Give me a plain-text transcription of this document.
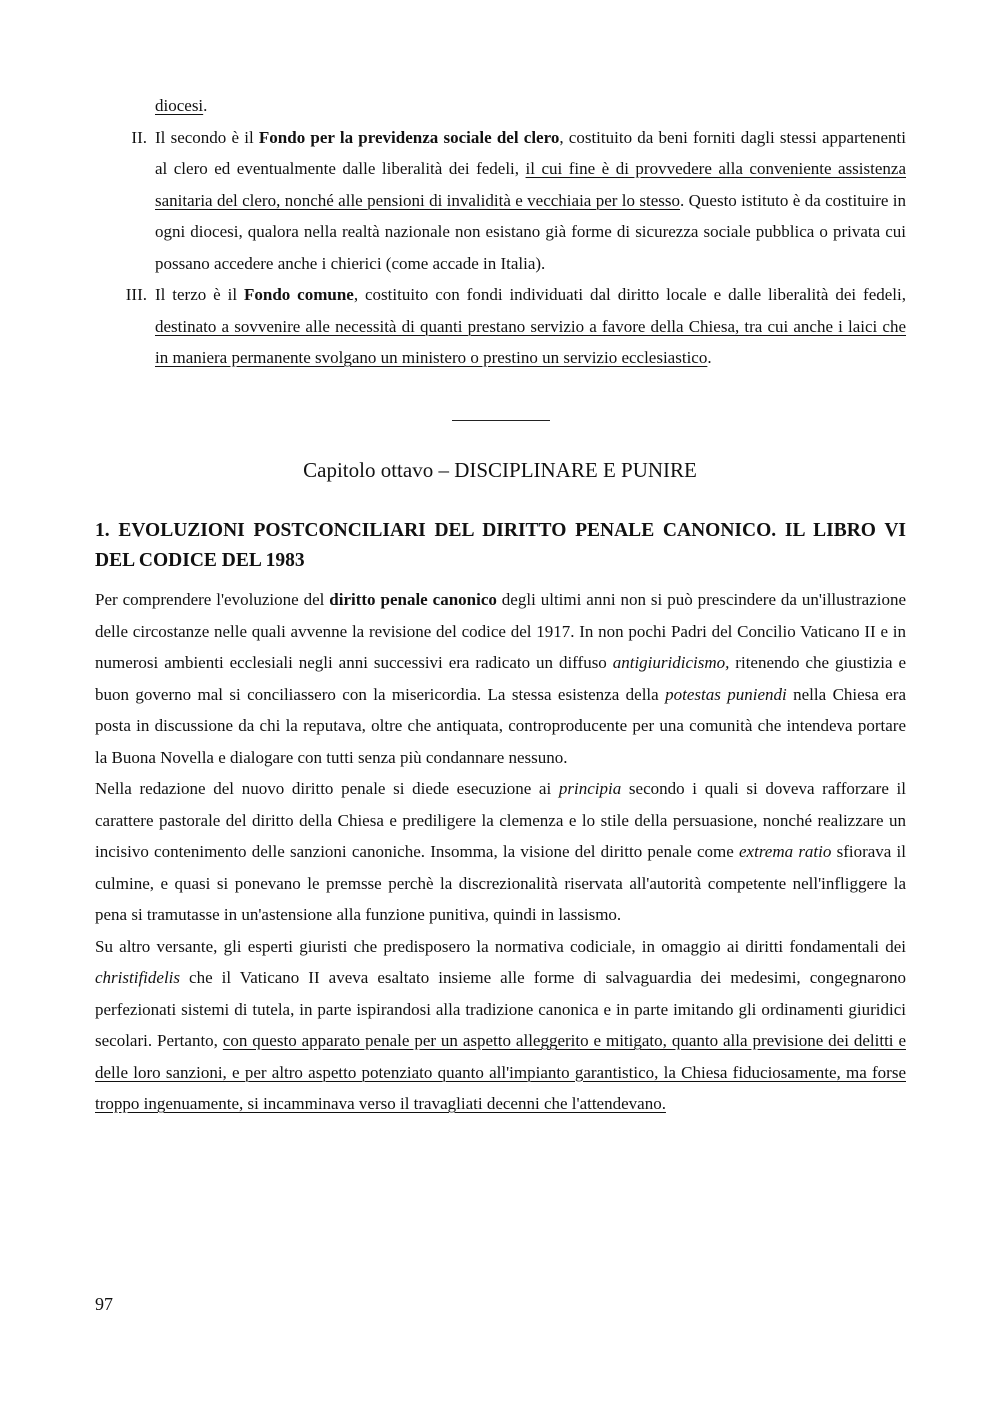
diocesi.
II. Il secondo è il Fondo per la previdenza sociale del clero, costituito da beni forniti dagli stessi appartenenti al clero ed eventualmente dalle liberalità dei fedeli, il cui fine è di provvedere alla conveniente assistenza sanitaria del clero, nonché alle pensioni di invalidità e vecchiaia per lo stesso. Questo istituto è da costituire in ogni diocesi, qualora nella realtà nazionale non esistano già forme di sicurezza sociale pubblica o privata cui possano accedere anche i chierici (come accade in Italia).
III. Il terzo è il Fondo comune, costituito con fondi individuati dal diritto locale e dalle liberalità dei fedeli, destinato a sovvenire alle necessità di quanti prestano servizio a favore della Chiesa, tra cui anche i laici che in maniera permanente svolgano un ministero o prestino un servizio ecclesiastico.
Capitolo ottavo – DISCIPLINARE E PUNIRE
1. EVOLUZIONI POSTCONCILIARI DEL DIRITTO PENALE CANONICO. IL LIBRO VI DEL CODICE DEL 1983

Per comprendere l'evoluzione del diritto penale canonico degli ultimi anni non si può prescindere da un'illustrazione delle circostanze nelle quali avvenne la revisione del codice del 1917. In non pochi Padri del Concilio Vaticano II e in numerosi ambienti ecclesiali negli anni successivi era radicato un diffuso antigiuridicismo, ritenendo che giustizia e buon governo mal si conciliassero con la misericordia. La stessa esistenza della potestas puniendi nella Chiesa era posta in discussione da chi la reputava, oltre che antiquata, controproducente per una comunità che intendeva portare la Buona Novella e dialogare con tutti senza più condannare nessuno.

Nella redazione del nuovo diritto penale si diede esecuzione ai principia secondo i quali si doveva rafforzare il carattere pastorale del diritto della Chiesa e prediligere la clemenza e lo stile della persuasione, nonché realizzare un incisivo contenimento delle sanzioni canoniche. Insomma, la visione del diritto penale come extrema ratio sfiorava il culmine, e quasi si ponevano le premsse perchè la discrezionalità riservata all'autorità competente nell'infliggere la pena si tramutasse in un'astensione alla funzione punitiva, quindi in lassismo.

Su altro versante, gli esperti giuristi che predisposero la normativa codiciale, in omaggio ai diritti fondamentali dei christifidelis che il Vaticano II aveva esaltato insieme alle forme di salvaguardia dei medesimi, congegnarono perfezionati sistemi di tutela, in parte ispirandosi alla tradizione canonica e in parte imitando gli ordinamenti giuridici secolari. Pertanto, con questo apparato penale per un aspetto alleggerito e mitigato, quanto alla previsione dei delitti e delle loro sanzioni, e per altro aspetto potenziato quanto all'impianto garantistico, la Chiesa fiduciosamente, ma forse troppo ingenuamente, si incamminava verso il travagliati decenni che l'attendevano.

97
